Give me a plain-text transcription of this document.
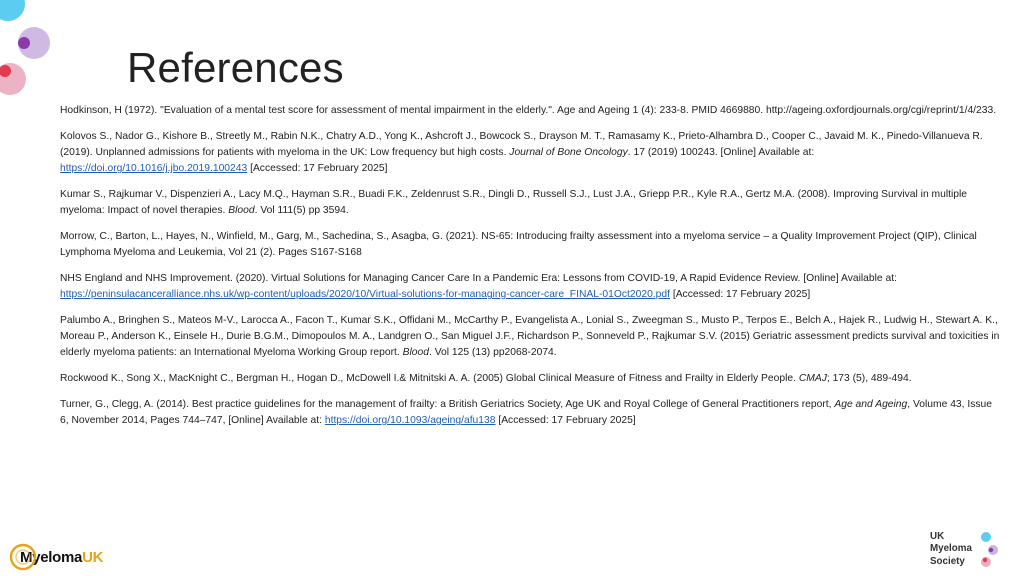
References

Hodkinson, H (1972). "Evaluation of a mental test score for assessment of mental impairment in the elderly.". Age and Ageing 1 (4): 233-8. PMID 4669880. http://ageing.oxfordjournals.org/cgi/reprint/1/4/233.

Kolovos S., Nador G., Kishore B., Streetly M., Rabin N.K., Chatry A.D., Yong K., Ashcroft J., Bowcock S., Drayson M. T., Ramasamy K., Prieto-Alhambra D., Cooper C., Javaid M. K., Pinedo-Villanueva R. (2019). Unplanned admissions for patients with myeloma in the UK: Low frequency but high costs. Journal of Bone Oncology. 17 (2019) 100243. [Online] Available at:
https://doi.org/10.1016/j.jbo.2019.100243 [Accessed: 17 February 2025]

Kumar S., Rajkumar V., Dispenzieri A., Lacy M.Q., Hayman S.R., Buadi F.K., Zeldenrust S.R., Dingli D., Russell S.J., Lust J.A., Griepp P.R., Kyle R.A., Gertz M.A. (2008). Improving Survival in multiple myeloma: Impact of novel therapies. Blood. Vol 111(5) pp 3594.

Morrow, C., Barton, L., Hayes, N., Winfield, M., Garg, M., Sachedina, S., Asagba, G. (2021). NS-65: Introducing frailty assessment into a myeloma service – a Quality Improvement Project (QIP), Clinical Lymphoma Myeloma and Leukemia, Vol 21 (2). Pages S167-S168

NHS England and NHS Improvement. (2020). Virtual Solutions for Managing Cancer Care In a Pandemic Era: Lessons from COVID-19, A Rapid Evidence Review. [Online] Available at:
https://peninsulacanceralliance.nhs.uk/wp-content/uploads/2020/10/Virtual-solutions-for-managing-cancer-care_FINAL-01Oct2020.pdf [Accessed: 17 February 2025]

Palumbo A., Bringhen S., Mateos M-V., Larocca A., Facon T., Kumar S.K., Offidani M., McCarthy P., Evangelista A., Lonial S., Zweegman S., Musto P., Terpos E., Belch A., Hajek R., Ludwig H., Stewart A. K., Moreau P., Anderson K., Einsele H., Durie B.G.M., Dimopoulos M. A., Landgren O., San Miguel J.F., Richardson P., Sonneveld P., Rajkumar S.V. (2015) Geriatric assessment predicts survival and toxicities in elderly myeloma patients: an International Myeloma Working Group report. Blood. Vol 125 (13) pp2068-2074.

Rockwood K., Song X., MacKnight C., Bergman H., Hogan D., McDowell I.& Mitnitski A. A. (2005) Global Clinical Measure of Fitness and Frailty in Elderly People. CMAJ; 173 (5), 489-494.

Turner, G., Clegg, A. (2014). Best practice guidelines for the management of frailty: a British Geriatrics Society, Age UK and Royal College of General Practitioners report, Age and Ageing, Volume 43, Issue 6, November 2014, Pages 744–747, [Online] Available at: https://doi.org/10.1093/ageing/afu138 [Accessed: 17 February 2025]

MyelomaUK
UK
Myeloma
Society
